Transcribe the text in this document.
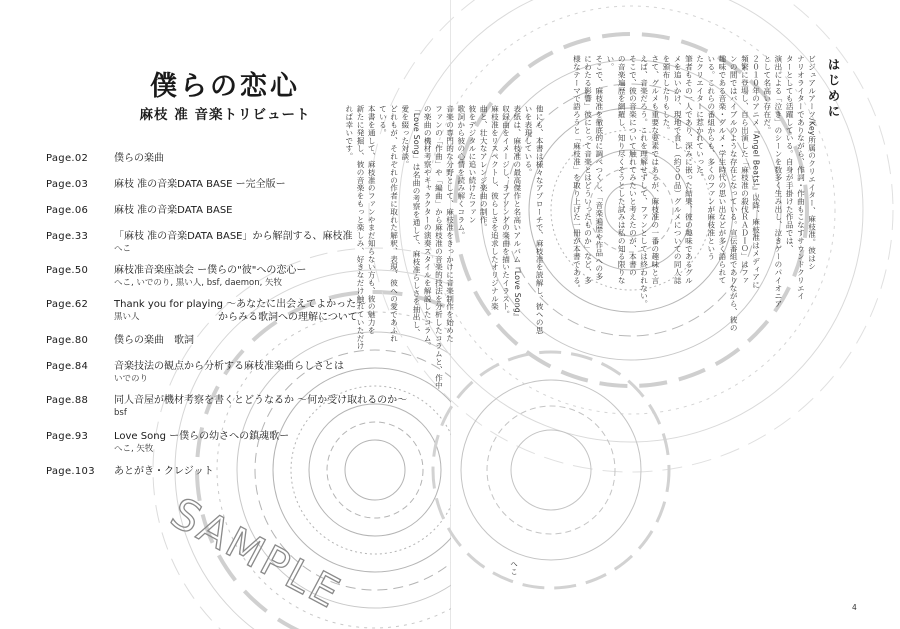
僕らの恋心
麻枝 准 音楽トリビュート
Page.02	僕らの楽曲
Page.03	麻枝 准の音楽DATA BASE ー完全版ー
Page.06	麻枝 准の音楽DATA BASE
Page.33	「麻枝 准の音楽DATA BASE」から解剖する、麻枝准
へこ
Page.50	麻枝准音楽座談会 ー僕らの"彼"への恋心ー
へこ, いでのり, 黒い人, bsf, daemon, 矢牧
Page.62	Thank you for playing ～あなたに出会えてよかった～
黒い人	からみる歌詞への理解について
Page.80	僕らの楽曲　歌詞
Page.84	音楽技法の観点から分析する麻枝准楽曲らしさとは
いでのり
Page.88	同人音屋が機材考察を書くとどうなるか ～何か受け取れるのか～
bsf
Page.93	Love Song ー僕らの幼さへの鎮魂歌ー
へこ, 矢牧
Page.103 あとがき・クレジット
SAMPLE
はじめに
ビジュアルアーツ/Key所属のクリエイター、麻枝准。彼はシ
ナリオライターでありながら、作詞・作曲もこなすサウンドクリエイ
ターとしても活躍している。自身が手掛けた作品では、
演出による「泣き」のシーンを数多く生み出し、泣きゲーのパイオニア
として名高い存在だ。
２０１０年のアニメ『Angel Beats!』以降、麻枝准はメディアに
頻繁に登場し、自ら出演した「麻枝准の殺伐ＲＡＤＩＯ」はファ
ンの間ではバイブルのような存在となっている。宣伝番組でありながら、彼の
趣味である音楽・グルメ・学生時代の思い出などが多く語られて
いる。これらの番組からも、多くのファンが麻枝准という
たクリエイターに惹かれていった。
筆者もその一人であり、深みに嵌った結果、彼の趣味であるグル
メを追いかけ、現地で食し（約５０品）グルメについての同人誌
を頒布したりもした。
さて、グルメも重要な要素ではあるが、麻枝准の一番の趣味と言
えば、音楽だろう。これを理解せずして、ファンとしては終われない。
そこで、彼の音楽について触れてみたいと考えたのが、本書の
の音楽遍歴を網羅し、知り尽くそうとした試みは私の知る限りな
い。
そこで、麻枝准を徹底的に調べつくし、「音楽遍歴や作品への多
にわたる影響」彼にとって音楽とはどういったものか」など、多
様なテーマで語ろうと「麻枝准」を取り上げた一冊が本書である。
他にも、本書は様々なアプローチで、麻枝准を読解し、彼への思
いを表現している。
表紙は、麻枝准の最高傑作と名高いアルバム『Love Song』
収録曲をイメージし、ラブソングの楽曲を描いたイラスト。
麻枝准をリスペクトし、彼らしさを追求したオリジナル楽
曲と、壮大なアレンジ楽曲の制作。
彼をデジタルに追い続けたファン
歌詞から彼の心情を読み解くコラム。
音楽の専門的な分野として、麻枝准をきっかけに音楽制作を始めた
ファンの「作曲」や「編曲」から麻枝准の音楽的技法を分析したコラムと、作中
の楽曲の機材考察やキャラクターの演奏スタイルを解説したコラム。
「Love Song」は名曲の考察を通して、麻枝准らしさを抽出し、
愛を綴った対談。
どれもが、それぞれの作者に取れた解釈、表現、彼への愛であふれ
ている。
本書を通して、麻枝准のファンやまだ知らない方も、彼の魅力を
新たに発掘し、彼の音楽をもっと楽しみ、好きなだけ触れていただけ
れば幸いです。
へこ
4
